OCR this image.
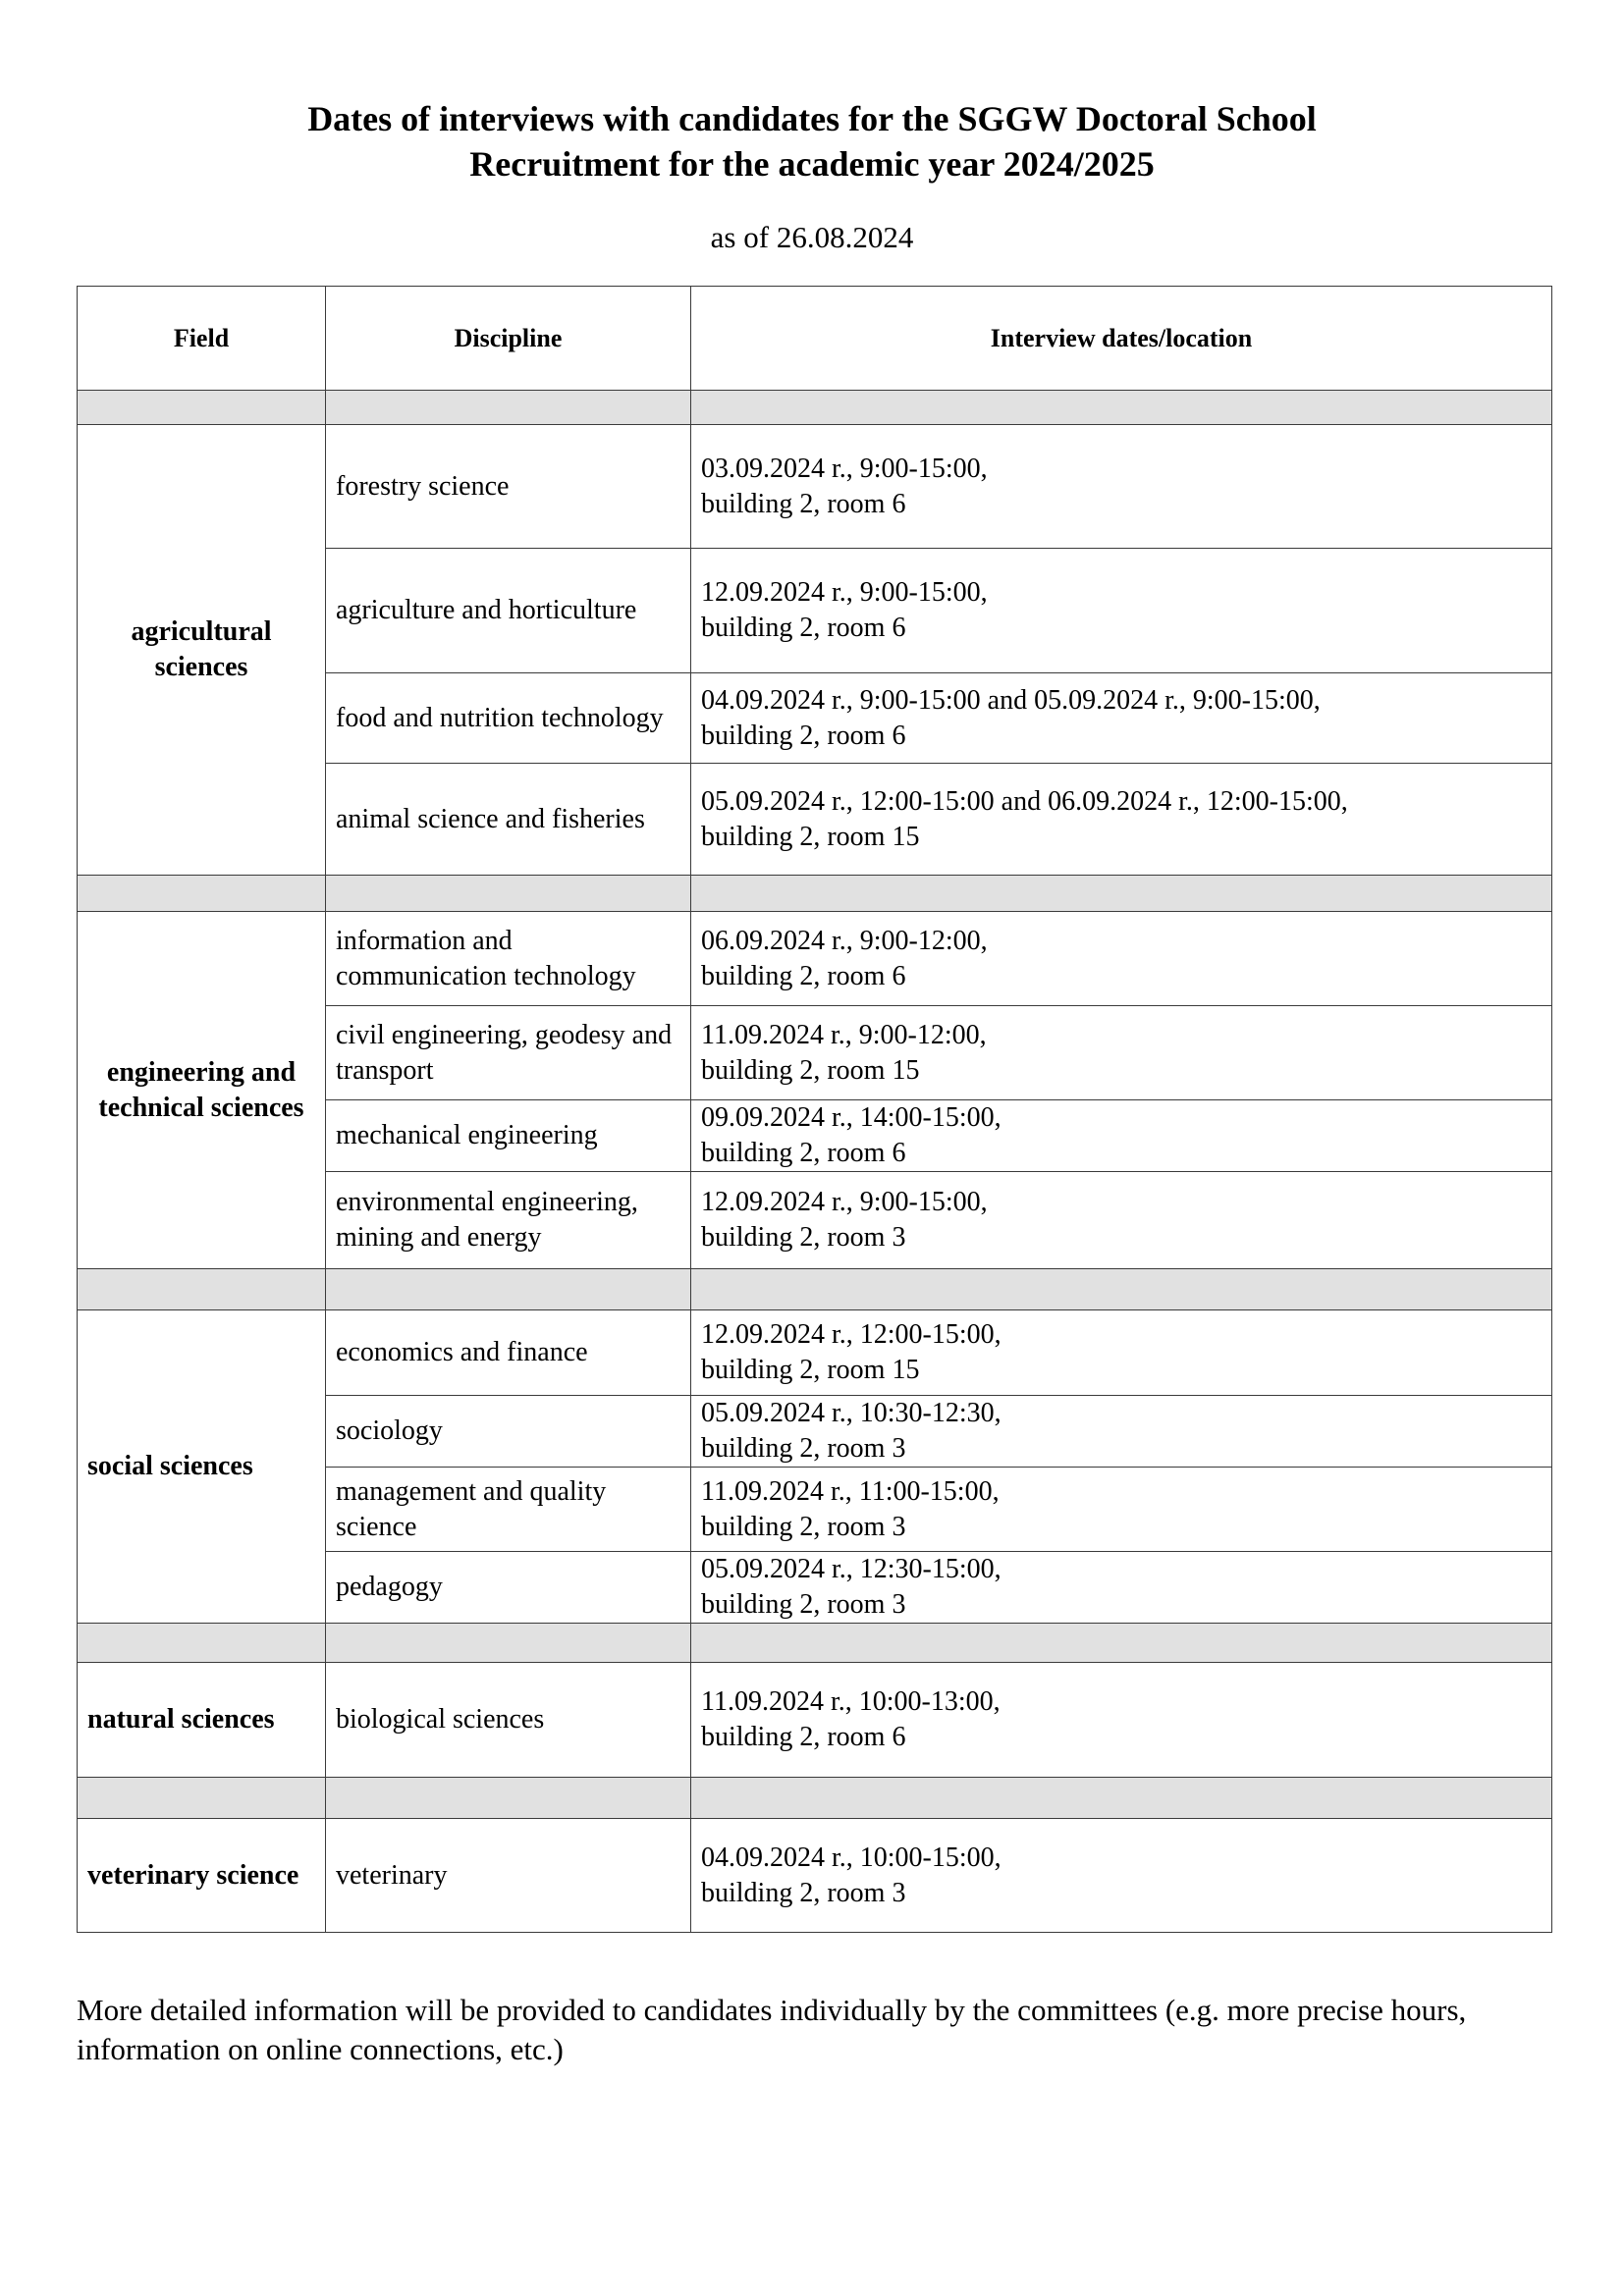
Dates of interviews with candidates for the SGGW Doctoral School
Recruitment for the academic year 2024/2025
as of 26.08.2024
Field	Discipline	Interview dates/location

agricultural sciences	forestry science	03.09.2024 r., 9:00-15:00,
building 2, room 6

	agriculture and horticulture	12.09.2024 r., 9:00-15:00,
building 2, room 6

	food and nutrition technology	04.09.2024 r., 9:00-15:00 and 05.09.2024 r., 9:00-15:00,
building 2, room 6

	animal science and fisheries	05.09.2024 r., 12:00-15:00 and 06.09.2024 r., 12:00-15:00,
building 2, room 15

engineering and technical sciences	information and communication technology	06.09.2024 r., 9:00-12:00,
building 2, room 6

	civil engineering, geodesy and transport	11.09.2024 r., 9:00-12:00,
building 2, room 15

	mechanical engineering	09.09.2024 r., 14:00-15:00,
building 2, room 6

	environmental engineering, mining and energy	12.09.2024 r., 9:00-15:00,
building 2, room 3

social sciences	economics and finance	12.09.2024 r., 12:00-15:00,
building 2, room 15

	sociology	05.09.2024 r., 10:30-12:30,
building 2, room 3

	management and quality science	11.09.2024 r., 11:00-15:00,
building 2, room 3

	pedagogy	05.09.2024 r., 12:30-15:00,
building 2, room 3

natural sciences	biological sciences	11.09.2024 r., 10:00-13:00,
building 2, room 6

veterinary science	veterinary	04.09.2024 r., 10:00-15:00,
building 2, room 3
More detailed information will be provided to candidates individually by the committees (e.g. more precise hours, information on online connections, etc.)
